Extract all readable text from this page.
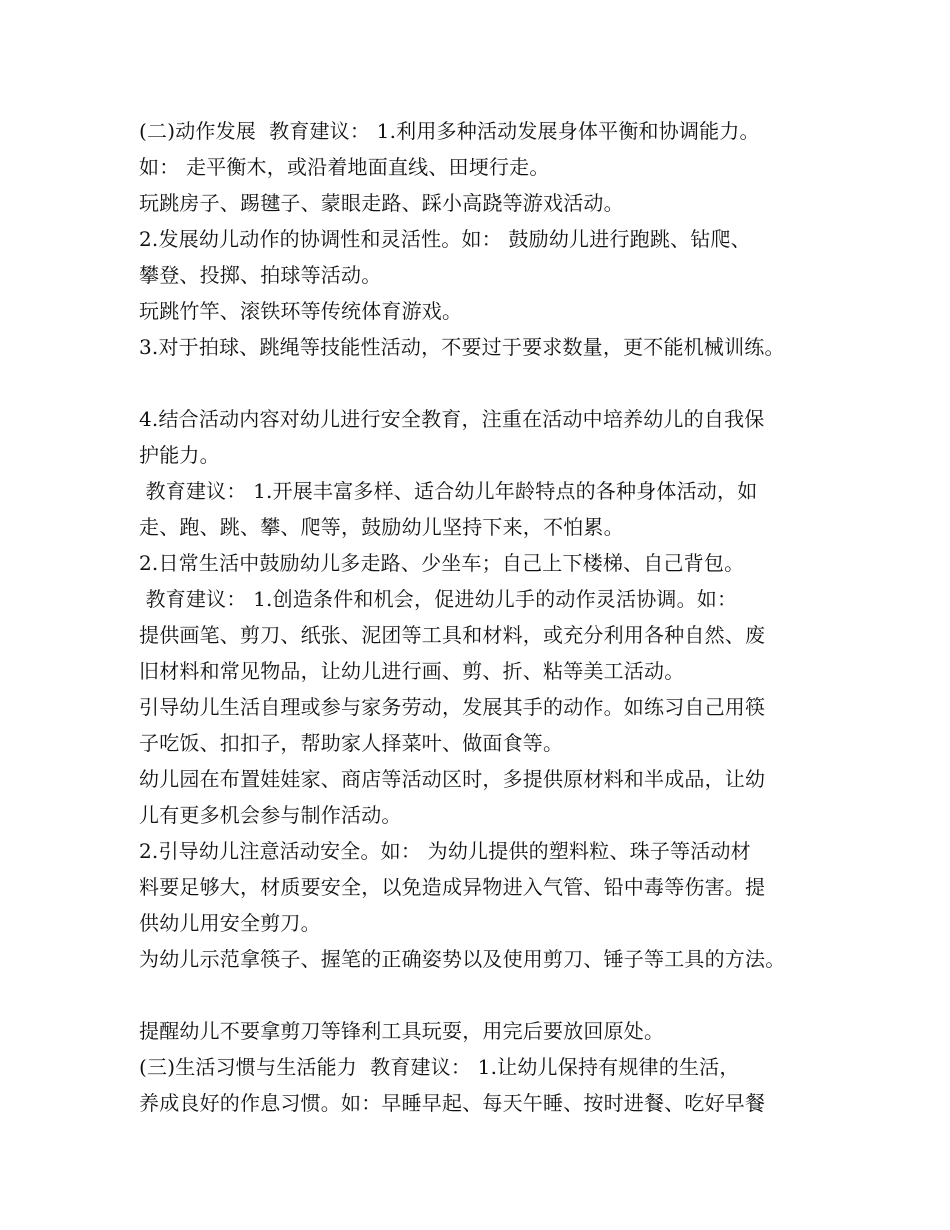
(二)动作发展  教育建议： 1.利用多种活动发展身体平衡和协调能力。
如： 走平衡木，或沿着地面直线、田埂行走。
玩跳房子、踢毽子、蒙眼走路、踩小高跷等游戏活动。
2.发展幼儿动作的协调性和灵活性。如： 鼓励幼儿进行跑跳、钻爬、
攀登、投掷、拍球等活动。
玩跳竹竿、滚铁环等传统体育游戏。
3.对于拍球、跳绳等技能性活动，不要过于要求数量，更不能机械训练。
4.结合活动内容对幼儿进行安全教育，注重在活动中培养幼儿的自我保
护能力。
教育建议： 1.开展丰富多样、适合幼儿年龄特点的各种身体活动，如
走、跑、跳、攀、爬等，鼓励幼儿坚持下来，不怕累。
2.日常生活中鼓励幼儿多走路、少坐车；自己上下楼梯、自己背包。
教育建议： 1.创造条件和机会，促进幼儿手的动作灵活协调。如：
提供画笔、剪刀、纸张、泥团等工具和材料，或充分利用各种自然、废
旧材料和常见物品，让幼儿进行画、剪、折、粘等美工活动。
引导幼儿生活自理或参与家务劳动，发展其手的动作。如练习自己用筷
子吃饭、扣扣子，帮助家人择菜叶、做面食等。
幼儿园在布置娃娃家、商店等活动区时，多提供原材料和半成品，让幼
儿有更多机会参与制作活动。
2.引导幼儿注意活动安全。如： 为幼儿提供的塑料粒、珠子等活动材
料要足够大，材质要安全，以免造成异物进入气管、铅中毒等伤害。提
供幼儿用安全剪刀。
为幼儿示范拿筷子、握笔的正确姿势以及使用剪刀、锤子等工具的方法。
提醒幼儿不要拿剪刀等锋利工具玩耍，用完后要放回原处。
(三)生活习惯与生活能力  教育建议： 1.让幼儿保持有规律的生活，
养成良好的作息习惯。如：早睡早起、每天午睡、按时进餐、吃好早餐
